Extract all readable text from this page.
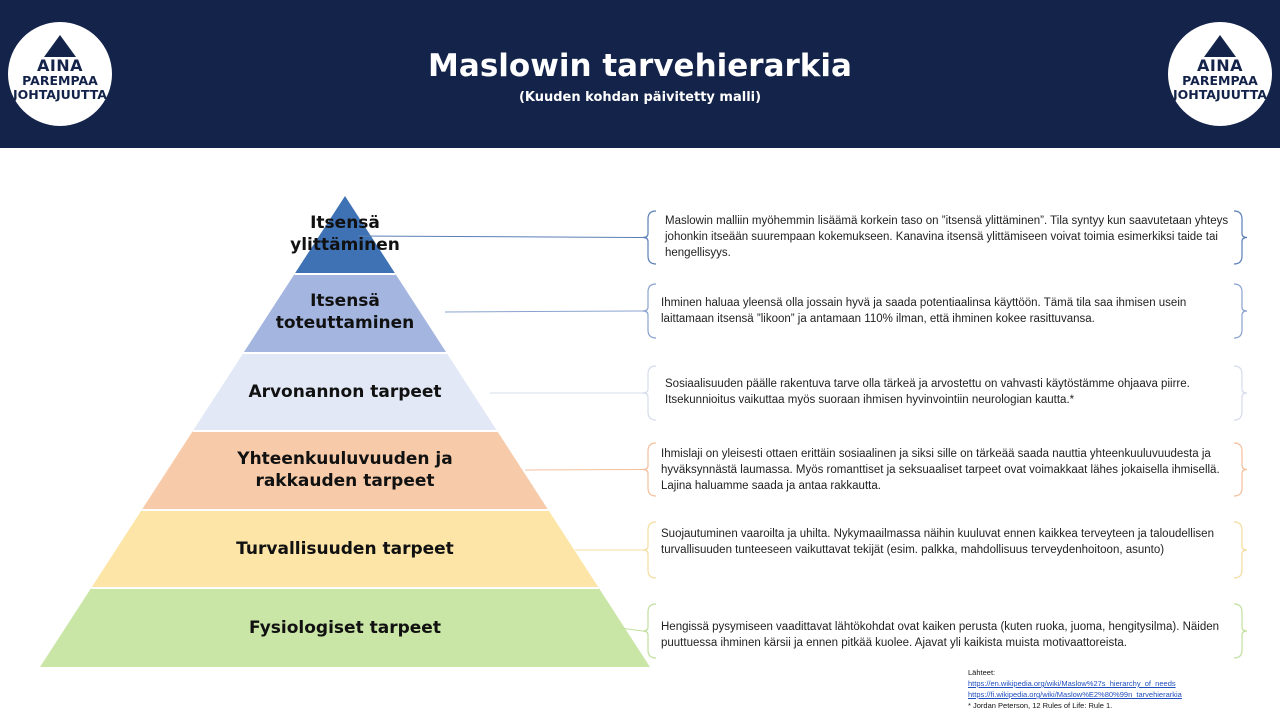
AINA
PAREMPAA
JOHTAJUUTTA
Maslowin tarvehierarkia
(Kuuden kohdan päivitetty malli)
AINA
PAREMPAA
JOHTAJUUTTA
Itsensä
ylittäminen
Itsensä
toteuttaminen
Arvonannon tarpeet
Yhteenkuuluvuuden ja
rakkauden tarpeet
Turvallisuuden tarpeet
Fysiologiset tarpeet
Maslowin malliin myöhemmin lisäämä korkein taso on ”itsensä ylittäminen”. Tila syntyy kun saavutetaan yhteys johonkin itseään suurempaan kokemukseen. Kanavina itsensä ylittämiseen voivat toimia esimerkiksi taide tai hengellisyys.
Ihminen haluaa yleensä olla jossain hyvä ja saada potentiaalinsa käyttöön. Tämä tila saa ihmisen usein laittamaan itsensä ”likoon” ja antamaan 110% ilman, että ihminen kokee rasittuvansa.
Sosiaalisuuden päälle rakentuva tarve olla tärkeä ja arvostettu on vahvasti käytöstämme ohjaava piirre. Itsekunnioitus vaikuttaa myös suoraan ihmisen hyvinvointiin neurologian kautta.*
Ihmislaji on yleisesti ottaen erittäin sosiaalinen ja siksi sille on tärkeää saada nauttia yhteenkuuluvuudesta ja hyväksynnästä laumassa. Myös romanttiset ja seksuaaliset tarpeet ovat voimakkaat lähes jokaisella ihmisellä. Lajina haluamme saada ja antaa rakkautta.
Suojautuminen vaaroilta ja uhilta. Nykymaailmassa näihin kuuluvat ennen kaikkea terveyteen ja taloudellisen turvallisuuden tunteeseen vaikuttavat tekijät (esim. palkka, mahdollisuus terveydenhoitoon, asunto)
Hengissä pysymiseen vaadittavat lähtökohdat ovat kaiken perusta (kuten ruoka, juoma, hengitysilma). Näiden puuttuessa ihminen kärsii ja ennen pitkää kuolee. Ajavat yli kaikista muista motivaattoreista.
Lähteet:
https://en.wikipedia.org/wiki/Maslow%27s_hierarchy_of_needs
https://fi.wikipedia.org/wiki/Maslow%E2%80%99n_tarvehierarkia
* Jordan Peterson, 12 Rules of Life: Rule 1.
